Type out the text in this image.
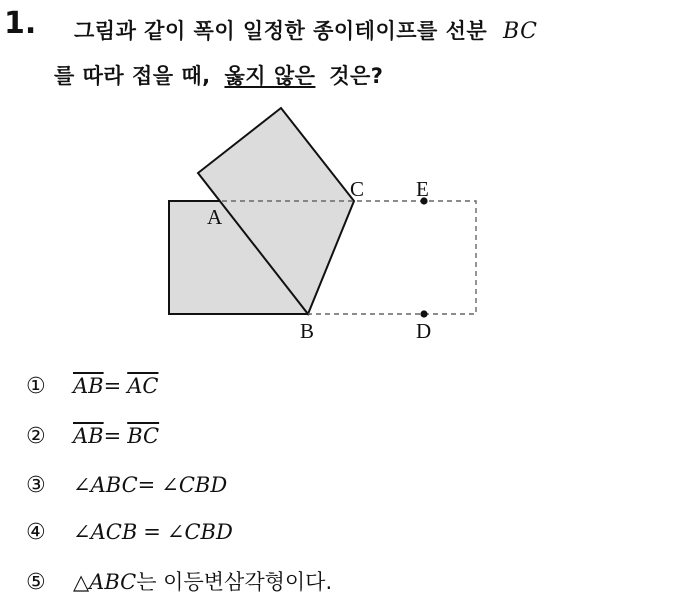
1. 그림과 같이 폭이 일정한 종이테이프를 선분 BC
를 따라 접을 때, 옳지 않은 것은?
A
B
C
D
E
①	$\overline{AB} = \overline{AC}$
②	$\overline{AB} = \overline{BC}$
③	∠ABC = ∠CBD
④	∠ACB = ∠CBD
⑤	△ABC 는 이등변삼각형이다.
